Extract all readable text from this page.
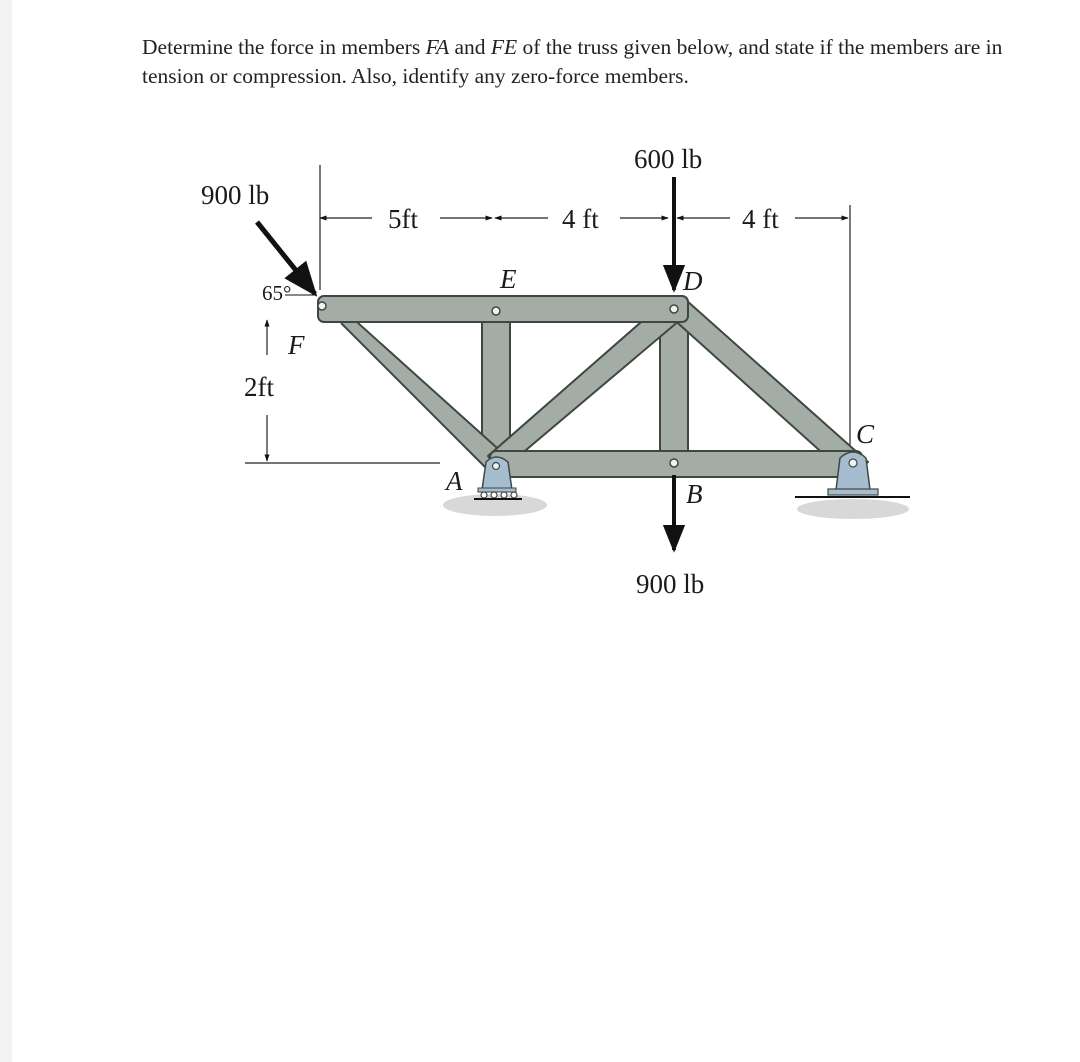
Determine the force in members FA and FE of the truss given below, and state if the members are in tension or compression. Also, identify any zero-force members.

600 lb
900 lb
900 lb
65°
5ft	4 ft	4 ft
2ft
F
E	D
A	B
C
